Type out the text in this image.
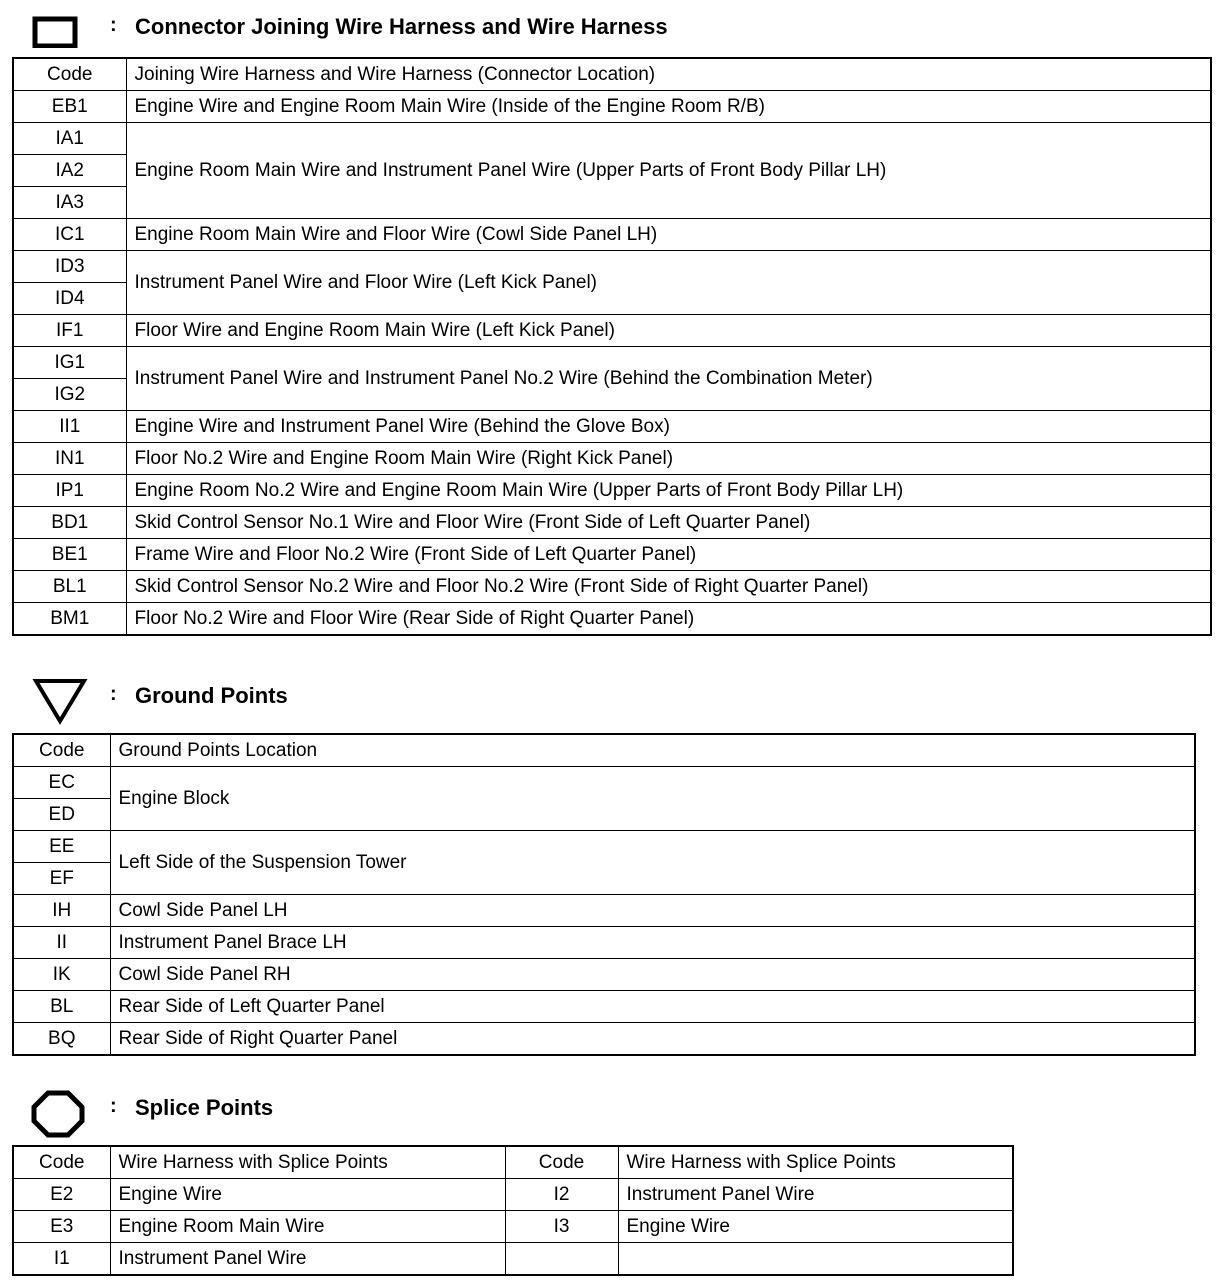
: Connector Joining Wire Harness and Wire Harness
Code	Joining Wire Harness and Wire Harness (Connector Location)
EB1	Engine Wire and Engine Room Main Wire (Inside of the Engine Room R/B)
IA1	Engine Room Main Wire and Instrument Panel Wire (Upper Parts of Front Body Pillar LH)
IA2	
IA3	
IC1	Engine Room Main Wire and Floor Wire (Cowl Side Panel LH)
ID3	Instrument Panel Wire and Floor Wire (Left Kick Panel)
ID4	
IF1	Floor Wire and Engine Room Main Wire (Left Kick Panel)
IG1	Instrument Panel Wire and Instrument Panel No.2 Wire (Behind the Combination Meter)
IG2	
II1	Engine Wire and Instrument Panel Wire (Behind the Glove Box)
IN1	Floor No.2 Wire and Engine Room Main Wire (Right Kick Panel)
IP1	Engine Room No.2 Wire and Engine Room Main Wire (Upper Parts of Front Body Pillar LH)
BD1	Skid Control Sensor No.1 Wire and Floor Wire (Front Side of Left Quarter Panel)
BE1	Frame Wire and Floor No.2 Wire (Front Side of Left Quarter Panel)
BL1	Skid Control Sensor No.2 Wire and Floor No.2 Wire (Front Side of Right Quarter Panel)
BM1	Floor No.2 Wire and Floor Wire (Rear Side of Right Quarter Panel)
: Ground Points
Code	Ground Points Location
EC	Engine Block
ED	
EE	Left Side of the Suspension Tower
EF	
IH	Cowl Side Panel LH
II	Instrument Panel Brace LH
IK	Cowl Side Panel RH
BL	Rear Side of Left Quarter Panel
BQ	Rear Side of Right Quarter Panel
: Splice Points
Code	Wire Harness with Splice Points	Code	Wire Harness with Splice Points
E2	Engine Wire	I2	Instrument Panel Wire
E3	Engine Room Main Wire	I3	Engine Wire
I1	Instrument Panel Wire		
